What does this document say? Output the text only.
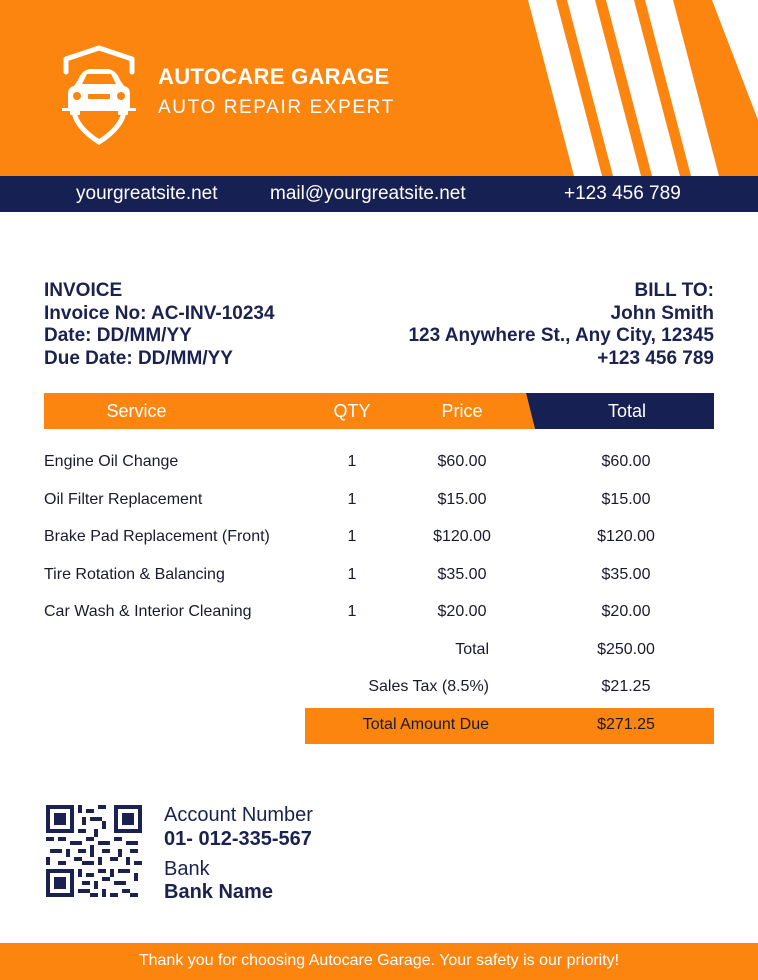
AUTOCARE GARAGE
AUTO REPAIR EXPERT
yourgreatsite.net	mail@yourgreatsite.net	+123 456 789
INVOICE
Invoice No: AC-INV-10234
Date: DD/MM/YY
Due Date: DD/MM/YY
BILL TO:
John Smith
123 Anywhere St., Any City, 12345
+123 456 789
Service	QTY	Price	Total
Engine Oil Change	1	$60.00	$60.00
Oil Filter Replacement	1	$15.00	$15.00
Brake Pad Replacement (Front)	1	$120.00	$120.00
Tire Rotation & Balancing	1	$35.00	$35.00
Car Wash & Interior Cleaning	1	$20.00	$20.00
Total	$250.00
Sales Tax (8.5%)	$21.25
Total Amount Due	$271.25
Account Number
01- 012-335-567
Bank
Bank Name
Thank you for choosing Autocare Garage. Your safety is our priority!
